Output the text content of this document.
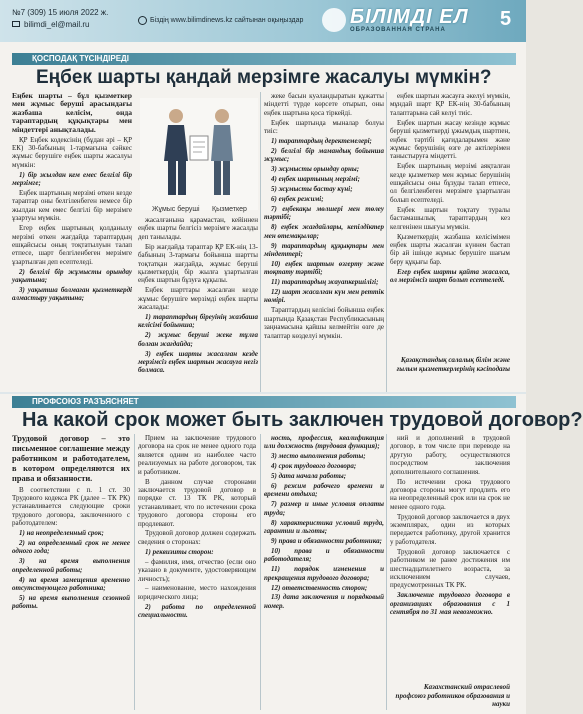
№7 (309) 15 июля 2022 ж.
bilimdi_el@mail.ru	Біздің www.bilimdinews.kz сайтынан оқыңыздар БІЛІМДІ ЕЛ
ОБРАЗОВАННАЯ СТРАНА	5
ҚОСПОДАҚ ТҮСІНДІРЕДІ
Еңбек шарты қандай мерзімге жасалуы мүмкін?

Еңбек шарты – бұл қызметкер мен жұмыс беруші арасындағы жазбаша келісім, онда тараптардың құқықтары мен міндеттері анықталады.

ҚР Еңбек кодексінің (бұдан әрі – ҚР ЕК) 30-бабының 1-тармағына сәйкес жұмыс берушіге еңбек шарты жасалуы мүмкін:

1) бір жылдан кем емес белгілі бір мерзімге;

Еңбек шартының мерзімі өткен кезде тараптар оны белгіленбеген немесе бір жылдан кем емес белгілі бір мерзімге ұзартуы мүмкін.

Егер еңбек шартының қолданылу мерзімі өткен жағдайда тараптардың ешқайсысы оның тоқтатылуын талап етпесе, шарт белгіленбеген мерзімге ұзартылған деп есептеледі.

2) белгілі бір жұмысты орындау уақытына;

3) уақытша болмаған қызметкерді алмастыру уақытына;

Жұмыс беруші Қызметкер

жасалғанына қарамастан, кейіннен еңбек шарты белгісіз мерзімге жасалды деп танылады.

Бір жағдайда тараптар ҚР ЕК-нің 13-бабының 3-тармағы бойынша шартты тоқтатқан жағдайда, жұмыс беруші қызметкердің бір жылға ұзартылған еңбек шартын бұзуға құқылы.

Еңбек шарттары жасалған кезде жұмыс берушіге мерзімді еңбек шарты жасалады:

1) тараптардың біреуінің жазбаша келісімі бойынша;

2) жұмыс беруші жеке тұлға болған жағдайда;

3) еңбек шарты жасалған кезде мерзімсіз еңбек шартын жасауға негіз болмаса.

жеке басын куәландыратын құжатты міндетті түрде көрсете отырып, оны еңбек шартына қоса тіркейді.

Еңбек шартында мыналар болуы тиіс:

1) тараптардың деректемелері;

2) белгілі бір мамандық бойынша жұмыс;

3) жұмысты орындау орны;

4) еңбек шартының мерзімі;

5) жұмысты бастау күні;

6) еңбек режимі;

7) еңбекақы мөлшері мен төлеу тәртібі;

8) еңбек жағдайлары, кепілдіктер мен өтемақылар;

9) тараптардың құқықтары мен міндеттері;

10) еңбек шартын өзгерту және тоқтату тәртібі;

11) тараптардың жауапкершілігі;

12) шарт жасалған күн мен реттік нөмірі.

Тараптардың келісімі бойынша еңбек шартында Қазақстан Республикасының заңнамасына қайшы келмейтін өзге де талаптар көзделуі мүмкін.

еңбек шартын жасауға әкелуі мүмкін, мұндай шарт ҚР ЕК-нің 30-бабының талаптарына сай келуі тиіс.

Еңбек шартын жасау кезінде жұмыс беруші қызметкерді ұжымдық шартпен, еңбек тәртібі қағидаларымен және жұмыс берушінің өзге де актілерімен таныстыруға міндетті.

Еңбек шартының мерзімі аяқталған кезде қызметкер мен жұмыс берушінің ешқайсысы оны бұзуды талап етпесе, ол белгіленбеген мерзімге ұзартылған болып есептеледі.

Еңбек шартын тоқтату туралы бастамашылық тараптардың кез келгенінен шығуы мүмкін.

Қызметкердің жазбаша келісімімен еңбек шарты жасалған күннен бастап бір ай ішінде жұмыс берушіге шағым беру құқығы бар.

Егер еңбек шарты қайта жасалса, ол мерзімсіз шарт болып есептеледі.

Қазақстандық салалық білім және ғылым қызметкерлерінің кәсіподағы
ПРОФСОЮЗ РАЗЪЯСНЯЕТ
На какой срок может быть заключен трудовой договор?

Трудовой договор – это письменное соглашение между работником и работодателем, в котором определяются их права и обязанности.

В соответствии с п. 1 ст. 30 Трудового кодекса РК (далее – ТК РК) устанавливается следующие сроки трудового договора, заключенного с работодателем:

1) на неопределенный срок;

2) на определенный срок не менее одного года;

3) на время выполнения определенной работы;

4) на время замещения временно отсутствующего работника;

5) на время выполнения сезонной работы.

Прием на заключение трудового договора на срок не менее одного года является одним из наиболее часто реализуемых на работе договором, так и работником.

В данном случае сторонами заключается трудовой договор в порядке ст. 13 ТК РК, который устанавливает, что по истечении срока трудового договора стороны его продлевают.

Трудовой договор должен содержать сведения о сторонах:

1) реквизиты сторон:

– фамилия, имя, отчество (если оно указано в документе, удостоверяющем личность);

– наименование, место нахождения юридического лица;

2) работа по определенной специальности.

ность, профессия, квалификация или должность (трудовая функция);

3) место выполнения работы;

4) срок трудового договора;

5) дата начала работы;

6) режим рабочего времени и времени отдыха;

7) размер и иные условия оплаты труда;

8) характеристика условий труда, гарантии и льготы;

9) права и обязанности работника;

10) права и обязанности работодателя;

11) порядок изменения и прекращения трудового договора;

12) ответственность сторон;

13) дата заключения и порядковый номер.

ний и дополнений в трудовой договор, в том числе при переводе на другую работу, осуществляются посредством заключения дополнительного соглашения.

По истечении срока трудового договора стороны могут продлить его на неопределенный срок или на срок не менее одного года.

Трудовой договор заключается в двух экземплярах, один из которых передается работнику, другой хранится у работодателя.

Трудовой договор заключается с работником не ранее достижения им шестнадцатилетнего возраста, за исключением случаев, предусмотренных ТК РК.

Заключение трудового договора в организациях образования с 1 сентября по 31 мая невозможно.

Казахстанский отраслевой профсоюз работников образования и науки
